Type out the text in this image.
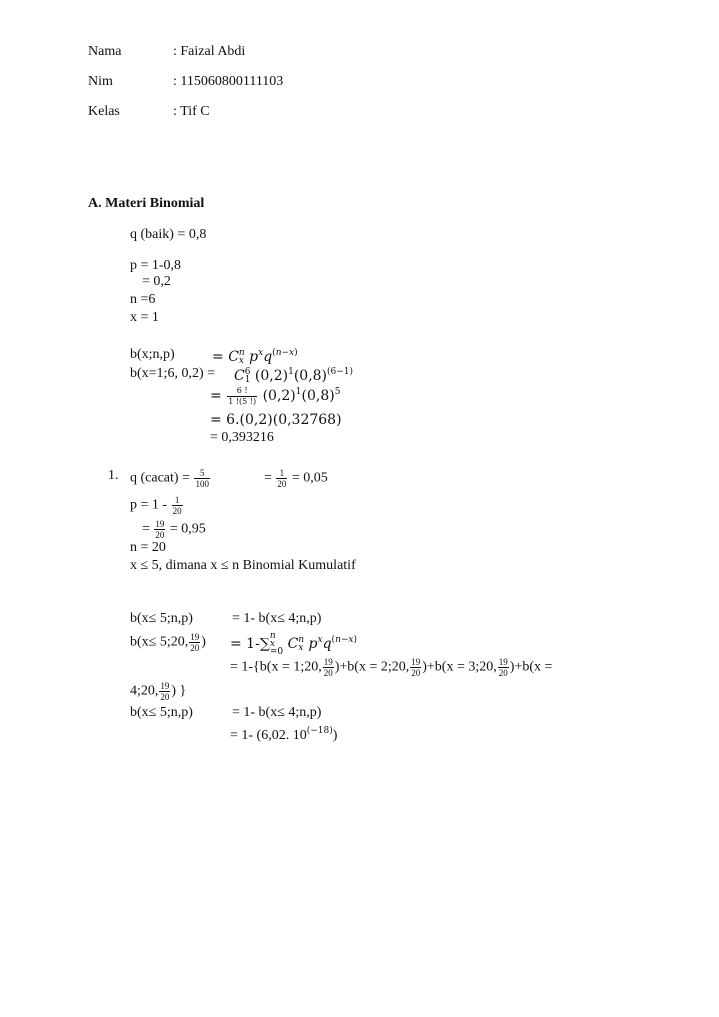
Nama	: Faizal Abdi
Nim	: 115060800111103
Kelas	: Tif C
A. Materi Binomial
q (baik) = 0,8
p = 1-0,8
= 0,2
n =6
x = 1
b(x;n,p)	= C n
x $p^xq^{(n-x)}$
b(x=1;6, 0,2) = C 6
1 $(0,2)^1(0,8)^{(6-1)}$
= $\frac{6 !}{1 !(5 !)} (0,2)^1(0,8)^5$
= 6.(0,2)(0,32768)
= 0,393216
1. q (cacat) = $\frac{5}{100}$	= $\frac{1}{20} = 0,05$
$p = 1 - \frac{1}{20}$
= $\frac{19}{20} = 0,95$
n = 20
x ≤ 5, dimana x ≤ n Binomial Kumulatif
b(x≤ 5;n,p)	= 1- b(x≤ 4;n,p)
b(x≤ 5;20, $\frac{19}{20}$ ) = 1-∑ n
x
=0 C n
x $p^xq^{(n-x)}$
= 1-{b(x = 1;20, $\frac{19}{20} )+b(x$ = 2;20, $\frac{19}{20} )+b(x$ = 3;20, $\frac{19}{20} )+b(x$ =
4;20, $\frac{19}{20}$ ) }
b(x≤ 5;n,p)	= 1- b(x≤ 4;n,p)
= 1- (6,02. $10^{(-18)}$)
